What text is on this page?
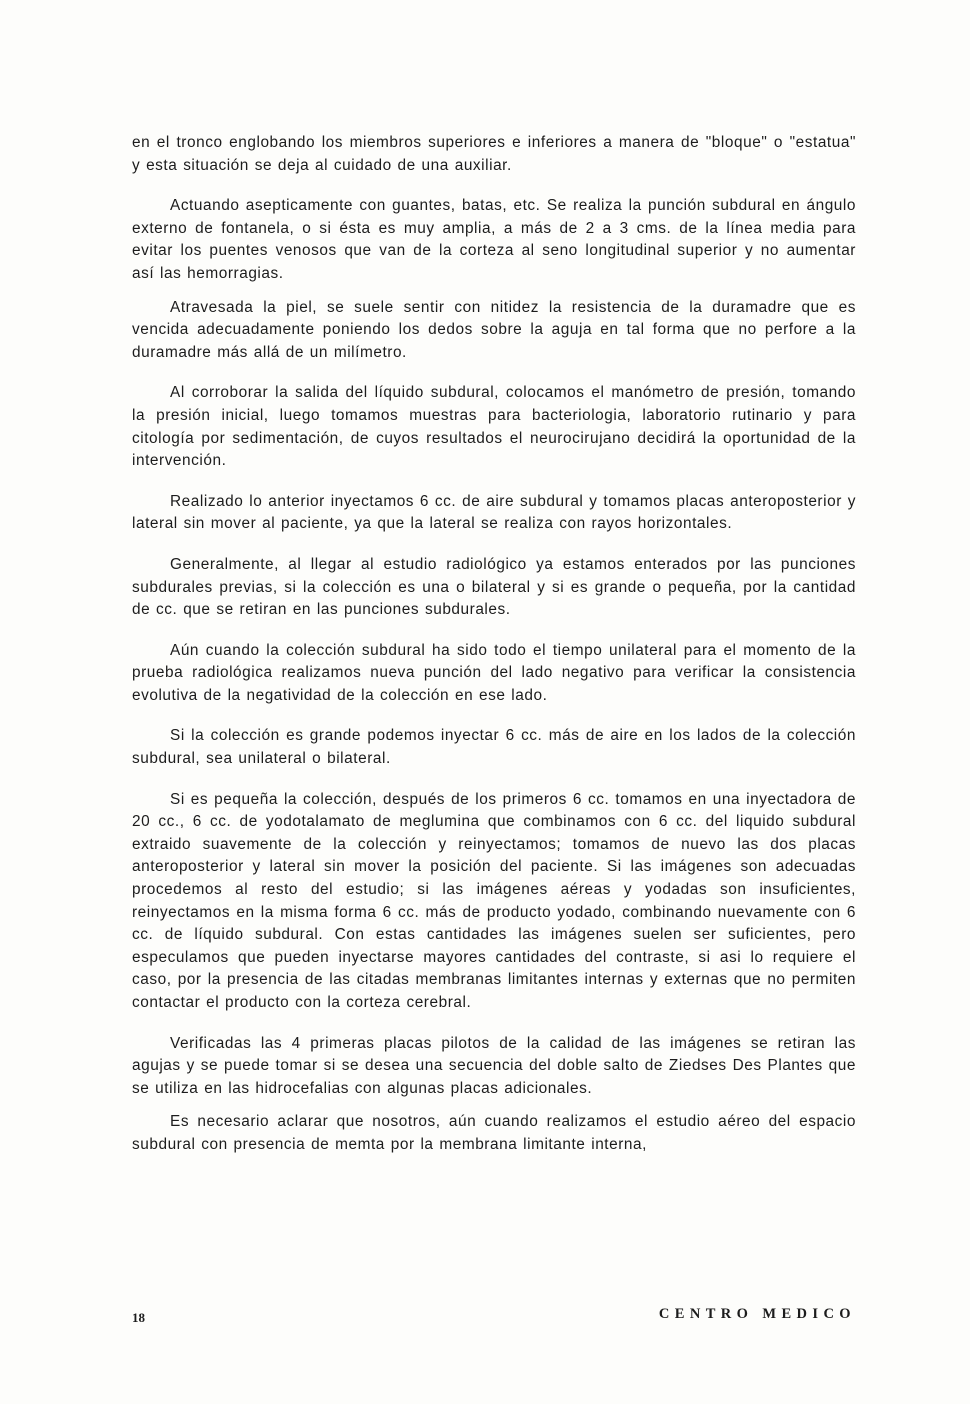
en el tronco englobando los miembros superiores e inferiores a manera de "bloque" o "estatua" y esta situación se deja al cuidado de una auxiliar.

Actuando asepticamente con guantes, batas, etc. Se realiza la punción subdural en ángulo externo de fontanela, o si ésta es muy amplia, a más de 2 a 3 cms. de la línea media para evitar los puentes venosos que van de la corteza al seno longitudinal superior y no aumentar así las hemorragias.

Atravesada la piel, se suele sentir con nitidez la resistencia de la duramadre que es vencida adecuadamente poniendo los dedos sobre la aguja en tal forma que no perfore a la duramadre más allá de un milímetro.

Al corroborar la salida del líquido subdural, colocamos el manómetro de presión, tomando la presión inicial, luego tomamos muestras para bacteriologia, laboratorio rutinario y para citología por sedimentación, de cuyos resultados el neurocirujano decidirá la oportunidad de la intervención.

Realizado lo anterior inyectamos 6 cc. de aire subdural y tomamos placas anteroposterior y lateral sin mover al paciente, ya que la lateral se realiza con rayos horizontales.

Generalmente, al llegar al estudio radiológico ya estamos enterados por las punciones subdurales previas, si la colección es una o bilateral y si es grande o pequeña, por la cantidad de cc. que se retiran en las punciones subdurales.

Aún cuando la colección subdural ha sido todo el tiempo unilateral para el momento de la prueba radiológica realizamos nueva punción del lado negativo para verificar la consistencia evolutiva de la negatividad de la colección en ese lado.

Si la colección es grande podemos inyectar 6 cc. más de aire en los lados de la colección subdural, sea unilateral o bilateral.

Si es pequeña la colección, después de los primeros 6 cc. tomamos en una inyectadora de 20 cc., 6 cc. de yodotalamato de meglumina que combinamos con 6 cc. del liquido subdural extraido suavemente de la colección y reinyectamos; tomamos de nuevo las dos placas anteroposterior y lateral sin mover la posición del paciente. Si las imágenes son adecuadas procedemos al resto del estudio; si las imágenes aéreas y yodadas son insuficientes, reinyectamos en la misma forma 6 cc. más de producto yodado, combinando nuevamente con 6 cc. de líquido subdural. Con estas cantidades las imágenes suelen ser suficientes, pero especulamos que pueden inyectarse mayores cantidades del contraste, si asi lo requiere el caso, por la presencia de las citadas membranas limitantes internas y externas que no permiten contactar el producto con la corteza cerebral.

Verificadas las 4 primeras placas pilotos de la calidad de las imágenes se retiran las agujas y se puede tomar si se desea una secuencia del doble salto de Ziedses Des Plantes que se utiliza en las hidrocefalias con algunas placas adicionales.

Es necesario aclarar que nosotros, aún cuando realizamos el estudio aéreo del espacio subdural con presencia de memta por la membrana limitante interna,

18	CENTRO MEDICO
